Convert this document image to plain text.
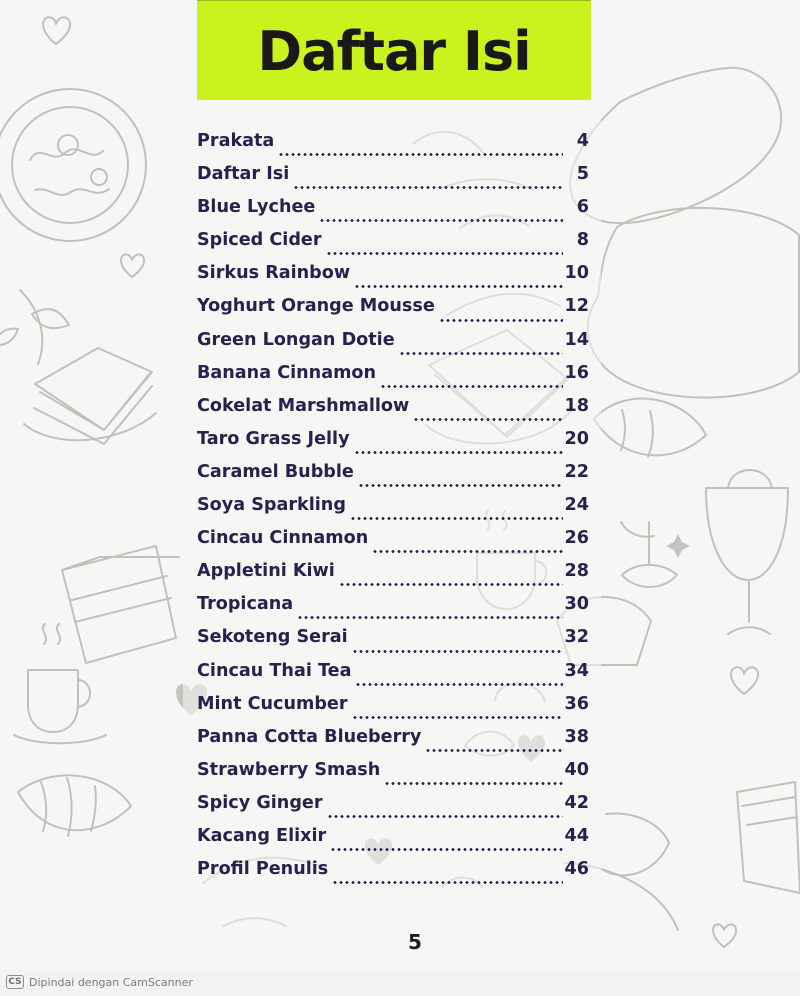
Daftar Isi
Prakata	4
Daftar Isi	5
Blue Lychee	6
Spiced Cider	8
Sirkus Rainbow	10
Yoghurt Orange Mousse	12
Green Longan Dotie	14
Banana Cinnamon	16
Cokelat Marshmallow	18
Taro Grass Jelly	20
Caramel Bubble	22
Soya Sparkling	24
Cincau Cinnamon	26
Appletini Kiwi	28
Tropicana	30
Sekoteng Serai	32
Cincau Thai Tea	34
Mint Cucumber	36
Panna Cotta Blueberry	38
Strawberry Smash	40
Spicy Ginger	42
Kacang Elixir	44
Profil Penulis	46
5
CS Dipindai dengan CamScanner
